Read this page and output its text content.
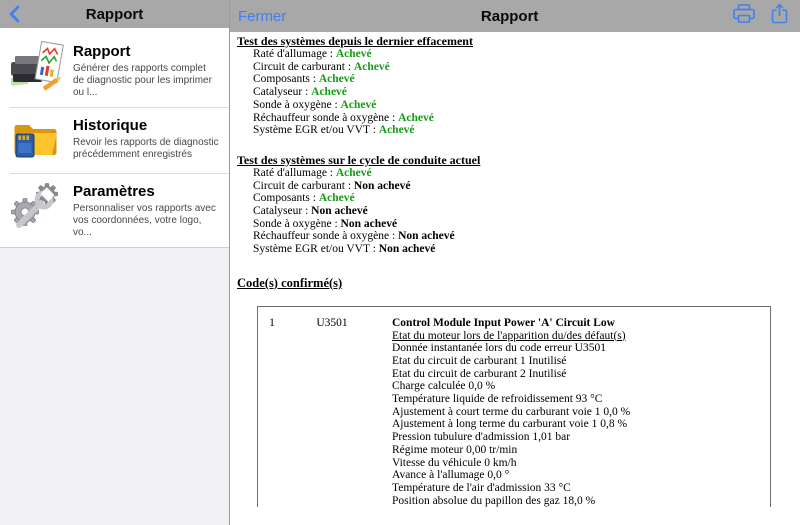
Rapport
Rapport

Générer des rapports complet de diagnostic pour les imprimer ou l...

Historique

Revoir les rapports de diagnostic précédemment enregistrés

Paramètres

Personnaliser vos rapports avec vos coordonnées, votre logo, vo...

Fermer	Rapport
Test des systèmes depuis le dernier effacement
Raté d'allumage : Achevé
Circuit de carburant : Achevé
Composants : Achevé
Catalyseur : Achevé
Sonde à oxygène : Achevé
Réchauffeur sonde à oxygène : Achevé
Système EGR et/ou VVT : Achevé
Test des systèmes sur le cycle de conduite actuel
Raté d'allumage : Achevé
Circuit de carburant : Non achevé
Composants : Achevé
Catalyseur : Non achevé
Sonde à oxygène : Non achevé
Réchauffeur sonde à oxygène : Non achevé
Système EGR et/ou VVT : Non achevé
Code(s) confirmé(s)
1	U3501	Control Module Input Power 'A' Circuit Low
Etat du moteur lors de l'apparition du/des défaut(s)
Donnée instantanée lors du code erreur U3501
Etat du circuit de carburant 1 Inutilisé
Etat du circuit de carburant 2 Inutilisé
Charge calculée 0,0 %
Température liquide de refroidissement 93 °C
Ajustement à court terme du carburant voie 1 0,0 %
Ajustement à long terme du carburant voie 1 0,8 %
Pression tubulure d'admission 1,01 bar
Régime moteur 0,00 tr/min
Vitesse du véhicule 0 km/h
Avance à l'allumage 0,0 °
Température de l'air d'admission 33 °C
Position absolue du papillon des gaz 18,0 %
